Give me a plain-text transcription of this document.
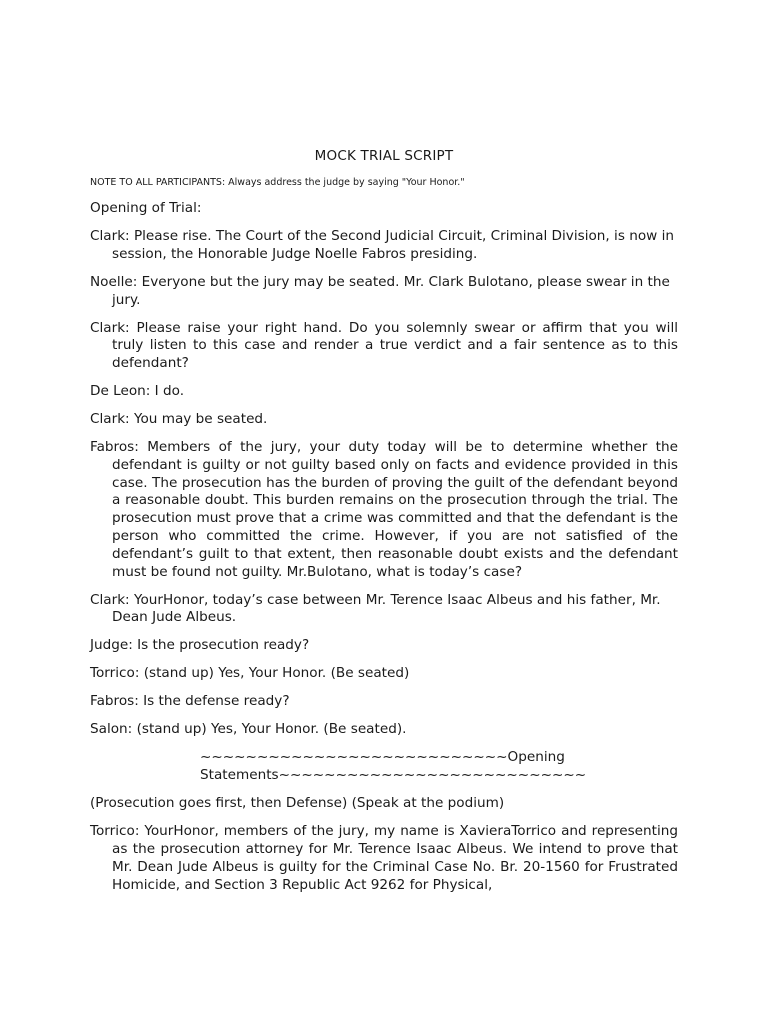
MOCK TRIAL SCRIPT
NOTE TO ALL PARTICIPANTS: Always address the judge by saying "Your Honor."

Opening of Trial:

Clark: Please rise. The Court of the Second Judicial Circuit, Criminal Division, is now in session, the Honorable Judge Noelle Fabros presiding.

Noelle: Everyone but the jury may be seated. Mr. Clark Bulotano, please swear in the jury.

Clark: Please raise your right hand. Do you solemnly swear or affirm that you will truly listen to this case and render a true verdict and a fair sentence as to this defendant?

De Leon: I do.

Clark: You may be seated.

Fabros: Members of the jury, your duty today will be to determine whether the defendant is guilty or not guilty based only on facts and evidence provided in this case. The prosecution has the burden of proving the guilt of the defendant beyond a reasonable doubt. This burden remains on the prosecution through the trial. The prosecution must prove that a crime was committed and that the defendant is the person who committed the crime. However, if you are not satisfied of the defendant’s guilt to that extent, then reasonable doubt exists and the defendant must be found not guilty. Mr.Bulotano, what is today’s case?

Clark: YourHonor, today’s case between Mr. Terence Isaac Albeus and his father, Mr. Dean Jude Albeus.

Judge: Is the prosecution ready?

Torrico: (stand up) Yes, Your Honor. (Be seated)

Fabros: Is the defense ready?

Salon: (stand up) Yes, Your Honor. (Be seated).

~~~~~~~~~~~~~~~~~~~~~~~~~~~Opening Statements~~~~~~~~~~~~~~~~~~~~~~~~~~~

(Prosecution goes first, then Defense) (Speak at the podium)

Torrico: YourHonor, members of the jury, my name is XavieraTorrico and representing as the prosecution attorney for Mr. Terence Isaac Albeus. We intend to prove that Mr. Dean Jude Albeus is guilty for the Criminal Case No. Br. 20-1560 for Frustrated Homicide, and Section 3 Republic Act 9262 for Physical,
